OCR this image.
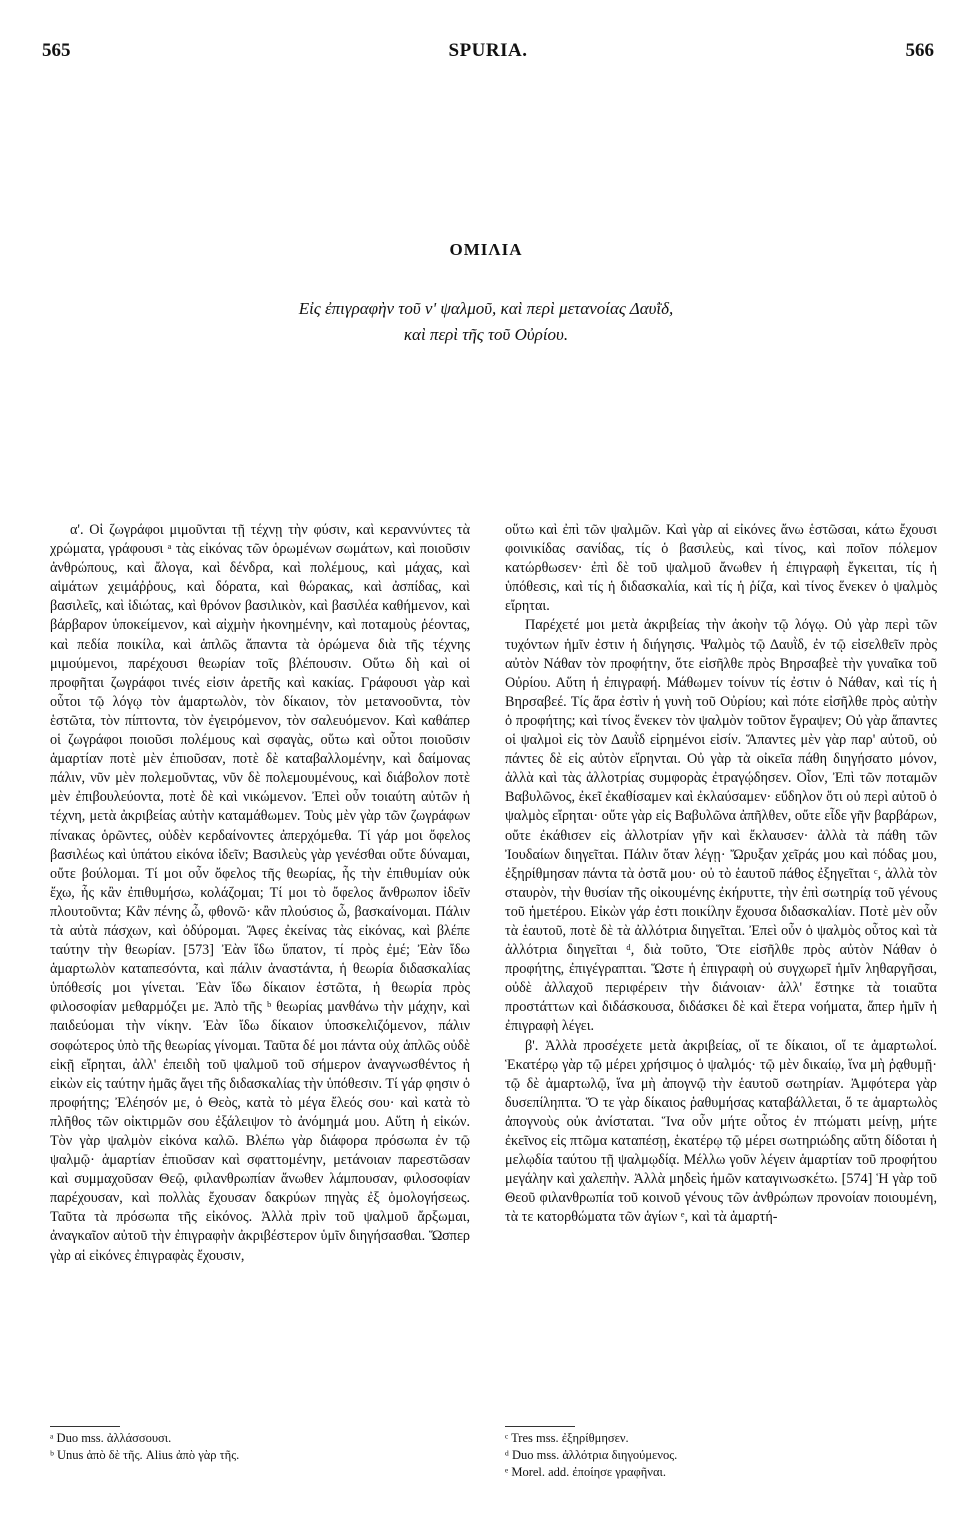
565	SPURIA.	566
ΟΜΙΛΙΑ
Εἰς ἐπιγραφὴν τοῦ ν' ψαλμοῦ, καὶ περὶ μετανοίας Δαυῒδ,
καὶ περὶ τῆς τοῦ Οὐρίου.

α'. Οἱ ζωγράφοι μιμοῦνται τῇ τέχνῃ τὴν φύσιν, καὶ κεραννύντες τὰ χρώματα, γράφουσι ᵃ τὰς εἰκόνας τῶν ὁρωμένων σωμάτων, καὶ ποιοῦσιν ἀνθρώπους, καὶ ἄλογα, καὶ δένδρα, καὶ πολέμους, καὶ μάχας, καὶ αἱμάτων χειμάῤῥους, καὶ δόρατα, καὶ θώρακας, καὶ ἀσπίδας, καὶ βασιλεῖς, καὶ ἰδιώτας, καὶ θρόνον βασιλικὸν, καὶ βασιλέα καθήμενον, καὶ βάρβαρον ὑποκείμενον, καὶ αἰχμὴν ἠκονημένην, καὶ ποταμοὺς ῥέοντας, καὶ πεδία ποικίλα, καὶ ἁπλῶς ἅπαντα τὰ ὁρώμενα διὰ τῆς τέχνης μιμούμενοι, παρέχουσι θεωρίαν τοῖς βλέπουσιν. Οὕτω δὴ καὶ οἱ προφῆται ζωγράφοι τινές εἰσιν ἀρετῆς καὶ κακίας. Γράφουσι γὰρ καὶ οὗτοι τῷ λόγῳ τὸν ἁμαρτωλὸν, τὸν δίκαιον, τὸν μετανοοῦντα, τὸν ἑστῶτα, τὸν πίπτοντα, τὸν ἐγειρόμενον, τὸν σαλευόμενον. Καὶ καθάπερ οἱ ζωγράφοι ποιοῦσι πολέμους καὶ σφαγὰς, οὕτω καὶ οὗτοι ποιοῦσιν ἁμαρτίαν ποτὲ μὲν ἐπιοῦσαν, ποτὲ δὲ καταβαλλομένην, καὶ δαίμονας πάλιν, νῦν μὲν πολεμοῦντας, νῦν δὲ πολεμουμένους, καὶ διάβολον ποτὲ μὲν ἐπιβουλεύοντα, ποτὲ δὲ καὶ νικώμενον. Ἐπεὶ οὖν τοιαύτη αὐτῶν ἡ τέχνη, μετὰ ἀκριβείας αὐτὴν καταμάθωμεν. Τοὺς μὲν γὰρ τῶν ζωγράφων πίνακας ὁρῶντες, οὐδὲν κερδαίνοντες ἀπερχόμεθα. Τί γάρ μοι ὄφελος βασιλέως καὶ ὑπάτου εἰκόνα ἰδεῖν; Βασιλεὺς γὰρ γενέσθαι οὔτε δύναμαι, οὔτε βούλομαι. Τί μοι οὖν ὄφελος τῆς θεωρίας, ἧς τὴν ἐπιθυμίαν οὐκ ἔχω, ἧς κἂν ἐπιθυμήσω, κολάζομαι; Τί μοι τὸ ὄφελος ἄνθρωπον ἰδεῖν πλουτοῦντα; Κἂν πένης ὦ, φθονῶ· κἂν πλούσιος ὦ, βασκαίνομαι. Πάλιν τὰ αὐτὰ πάσχων, καὶ ὀδύρομαι. Ἄφες ἐκείνας τὰς εἰκόνας, καὶ βλέπε ταύτην τὴν θεωρίαν. [573] Ἐὰν ἴδω ὕπατον, τί πρὸς ἐμέ; Ἐὰν ἴδω ἁμαρτωλὸν καταπεσόντα, καὶ πάλιν ἀναστάντα, ἡ θεωρία διδασκαλίας ὑπόθεσίς μοι γίνεται. Ἐὰν ἴδω δίκαιον ἑστῶτα, ἡ θεωρία πρὸς φιλοσοφίαν μεθαρμόζει με. Ἀπὸ τῆς ᵇ θεωρίας μανθάνω τὴν μάχην, καὶ παιδεύομαι τὴν νίκην. Ἐὰν ἴδω δίκαιον ὑποσκελιζόμενον, πάλιν σοφώτερος ὑπὸ τῆς θεωρίας γίνομαι. Ταῦτα δέ μοι πάντα οὐχ ἁπλῶς οὐδὲ εἰκῇ εἴρηται, ἀλλ' ἐπειδὴ τοῦ ψαλμοῦ τοῦ σήμερον ἀναγνωσθέντος ἡ εἰκὼν εἰς ταύτην ἡμᾶς ἄγει τῆς διδασκαλίας τὴν ὑπόθεσιν. Τί γάρ φησιν ὁ προφήτης; Ἐλέησόν με, ὁ Θεὸς, κατὰ τὸ μέγα ἔλεός σου· καὶ κατὰ τὸ πλῆθος τῶν οἰκτιρμῶν σου ἐξάλειψον τὸ ἀνόμημά μου. Αὕτη ἡ εἰκών. Τὸν γὰρ ψαλμὸν εἰκόνα καλῶ. Βλέπω γὰρ διάφορα πρόσωπα ἐν τῷ ψαλμῷ· ἁμαρτίαν ἐπιοῦσαν καὶ σφαττομένην, μετάνοιαν παρεστῶσαν καὶ συμμαχοῦσαν Θεῷ, φιλανθρωπίαν ἄνωθεν λάμπουσαν, φιλοσοφίαν παρέχουσαν, καὶ πολλὰς ἔχουσαν δακρύων πηγὰς ἐξ ὁμολογήσεως. Ταῦτα τὰ πρόσωπα τῆς εἰκόνος. Ἀλλὰ πρὶν τοῦ ψαλμοῦ ἄρξωμαι, ἀναγκαῖον αὐτοῦ τὴν ἐπιγραφὴν ἀκριβέστερον ὑμῖν διηγήσασθαι. Ὥσπερ γὰρ αἱ εἰκόνες ἐπιγραφὰς ἔχουσιν,

οὕτω καὶ ἐπὶ τῶν ψαλμῶν. Καὶ γὰρ αἱ εἰκόνες ἄνω ἑστῶσαι, κάτω ἔχουσι φοινικίδας σανίδας, τίς ὁ βασιλεὺς, καὶ τίνος, καὶ ποῖον πόλεμον κατώρθωσεν· ἐπὶ δὲ τοῦ ψαλμοῦ ἄνωθεν ἡ ἐπιγραφὴ ἔγκειται, τίς ἡ ὑπόθεσις, καὶ τίς ἡ διδασκαλία, καὶ τίς ἡ ῥίζα, καὶ τίνος ἕνεκεν ὁ ψαλμὸς εἴρηται.

Παρέχετέ μοι μετὰ ἀκριβείας τὴν ἀκοὴν τῷ λόγῳ. Οὐ γὰρ περὶ τῶν τυχόντων ἡμῖν ἐστιν ἡ διήγησις. Ψαλμὸς τῷ Δαυῒδ, ἐν τῷ εἰσελθεῖν πρὸς αὐτὸν Νάθαν τὸν προφήτην, ὅτε εἰσῆλθε πρὸς Βηρσαβεὲ τὴν γυναῖκα τοῦ Οὐρίου. Αὕτη ἡ ἐπιγραφή. Μάθωμεν τοίνυν τίς ἐστιν ὁ Νάθαν, καὶ τίς ἡ Βηρσαβεέ. Τίς ἄρα ἐστὶν ἡ γυνὴ τοῦ Οὐρίου; καὶ πότε εἰσῆλθε πρὸς αὐτὴν ὁ προφήτης; καὶ τίνος ἕνεκεν τὸν ψαλμὸν τοῦτον ἔγραψεν; Οὐ γὰρ ἅπαντες οἱ ψαλμοὶ εἰς τὸν Δαυῒδ εἰρημένοι εἰσίν. Ἅπαντες μὲν γὰρ παρ' αὐτοῦ, οὐ πάντες δὲ εἰς αὐτὸν εἴρηνται. Οὐ γὰρ τὰ οἰκεῖα πάθη διηγήσατο μόνον, ἀλλὰ καὶ τὰς ἀλλοτρίας συμφορὰς ἐτραγῴδησεν. Οἷον, Ἐπὶ τῶν ποταμῶν Βαβυλῶνος, ἐκεῖ ἐκαθίσαμεν καὶ ἐκλαύσαμεν· εὔδηλον ὅτι οὐ περὶ αὐτοῦ ὁ ψαλμὸς εἴρηται· οὔτε γὰρ εἰς Βαβυλῶνα ἀπῆλθεν, οὔτε εἶδε γῆν βαρβάρων, οὔτε ἐκάθισεν εἰς ἀλλοτρίαν γῆν καὶ ἔκλαυσεν· ἀλλὰ τὰ πάθη τῶν Ἰουδαίων διηγεῖται. Πάλιν ὅταν λέγῃ· Ὤρυξαν χεῖράς μου καὶ πόδας μου, ἐξηρίθμησαν πάντα τὰ ὀστᾶ μου· οὐ τὸ ἑαυτοῦ πάθος ἐξηγεῖται ᶜ, ἀλλὰ τὸν σταυρὸν, τὴν θυσίαν τῆς οἰκουμένης ἐκήρυττε, τὴν ἐπὶ σωτηρίᾳ τοῦ γένους τοῦ ἡμετέρου. Εἰκὼν γάρ ἐστι ποικίλην ἔχουσα διδασκαλίαν. Ποτὲ μὲν οὖν τὰ ἑαυτοῦ, ποτὲ δὲ τὰ ἀλλότρια διηγεῖται. Ἐπεὶ οὖν ὁ ψαλμὸς οὗτος καὶ τὰ ἀλλότρια διηγεῖται ᵈ, διὰ τοῦτο, Ὅτε εἰσῆλθε πρὸς αὐτὸν Νάθαν ὁ προφήτης, ἐπιγέγραπται. Ὥστε ἡ ἐπιγραφὴ οὐ συγχωρεῖ ἡμῖν ληθαργῆσαι, οὐδὲ ἀλλαχοῦ περιφέρειν τὴν διάνοιαν· ἀλλ' ἕστηκε τὰ τοιαῦτα προστάττων καὶ διδάσκουσα, διδάσκει δὲ καὶ ἕτερα νοήματα, ἅπερ ἡμῖν ἡ ἐπιγραφὴ λέγει.

β'. Ἀλλὰ προσέχετε μετὰ ἀκριβείας, οἵ τε δίκαιοι, οἵ τε ἁμαρτωλοί. Ἑκατέρῳ γὰρ τῷ μέρει χρήσιμος ὁ ψαλμός· τῷ μὲν δικαίῳ, ἵνα μὴ ῥᾳθυμῇ· τῷ δὲ ἁμαρτωλῷ, ἵνα μὴ ἀπογνῷ τὴν ἑαυτοῦ σωτηρίαν. Ἀμφότερα γὰρ δυσεπίληπτα. Ὅ τε γὰρ δίκαιος ῥαθυμήσας καταβάλλεται, ὅ τε ἁμαρτωλὸς ἀπογνοὺς οὐκ ἀνίσταται. Ἵνα οὖν μήτε οὗτος ἐν πτώματι μείνῃ, μήτε ἐκεῖνος εἰς πτῶμα καταπέσῃ, ἑκατέρῳ τῷ μέρει σωτηριώδης αὕτη δίδοται ἡ μελῳδία ταύτου τῇ ψαλμῳδίᾳ. Μέλλω γοῦν λέγειν ἁμαρτίαν τοῦ προφήτου μεγάλην καὶ χαλεπὴν. Ἀλλὰ μηδεὶς ἡμῶν καταγινωσκέτω. [574] Ἡ γὰρ τοῦ Θεοῦ φιλανθρωπία τοῦ κοινοῦ γένους τῶν ἀνθρώπων προνοίαν ποιουμένη, τὰ τε κατορθώματα τῶν ἁγίων ᵉ, καὶ τὰ ἁμαρτή-

ᵃ Duo mss. ἀλλάσσουσι.
ᵇ Unus ἀπὸ δὲ τῆς. Alius ἀπὸ γὰρ τῆς.
ᶜ Tres mss. ἐξηρίθμησεν.
ᵈ Duo mss. ἀλλότρια διηγούμενος.
ᵉ Morel. add. ἐποίησε γραφῆναι.
